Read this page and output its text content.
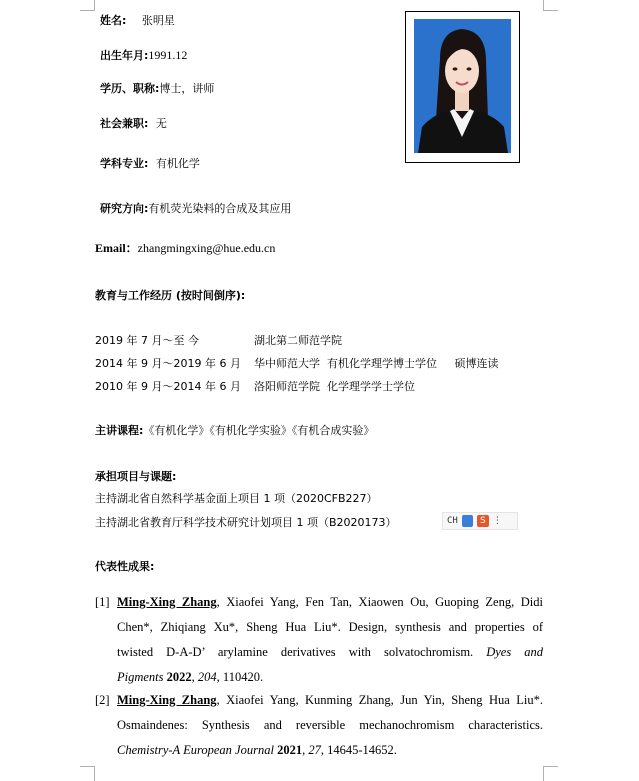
姓名: 张明星
出生年月:1991.12
学历、职称:博士，讲师
社会兼职: 无
学科专业: 有机化学
研究方向:有机荧光染料的合成及其应用
Email：zhangmingxing@hue.edu.cn
教育与工作经历 (按时间倒序):
2019 年 7 月～至 今	湖北第二师范学院
2014 年 9 月～2019 年 6 月 华中师范大学  有机化学理学博士学位     硕博连读
2010 年 9 月～2014 年 6 月 洛阳师范学院  化学理学学士学位
主讲课程:《有机化学》《有机化学实验》《有机合成实验》
承担项目与课题:
主持湖北省自然科学基金面上项目 1 项（2020CFB227）
主持湖北省教育厅科学技术研究计划项目 1 项（B2020173）	CH	S ⋮
代表性成果:
[1] Ming-Xing Zhang, Xiaofei Yang, Fen Tan, Xiaowen Ou, Guoping Zeng, Didi
Chen*, Zhiqiang Xu*, Sheng Hua Liu*. Design, synthesis and properties of
twisted D-A-D’ arylamine derivatives with solvatochromism. Dyes and
Pigments 2022, 204, 110420.
[2] Ming-Xing Zhang, Xiaofei Yang, Kunming Zhang, Jun Yin, Sheng Hua Liu*.
Osmaindenes: Synthesis and reversible mechanochromism characteristics.
Chemistry-A European Journal 2021, 27, 14645-14652.
